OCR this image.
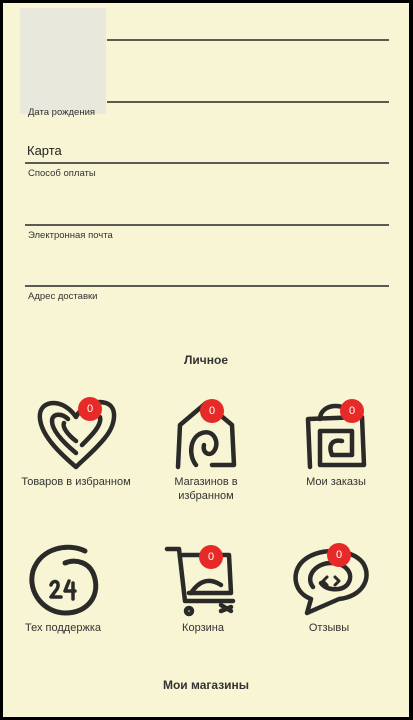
Дата рождения
Карта
Способ оплаты
Электронная почта
Адрес доставки
Личное
0
Товаров в избранном
0
Магазинов в избранном
0
Мои заказы
Тех поддержка
0
Корзина
0
Отзывы
Мои магазины
